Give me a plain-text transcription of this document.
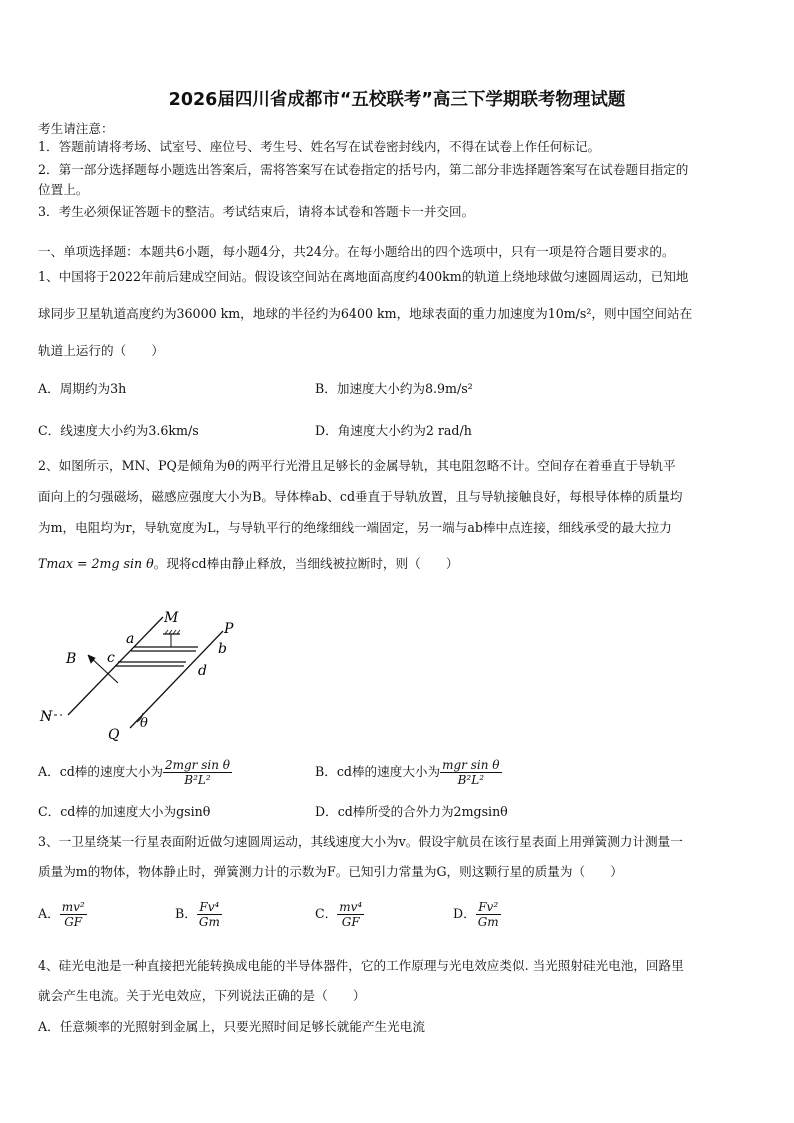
2026届四川省成都市“五校联考”高三下学期联考物理试题
考生请注意：
1．答题前请将考场、试室号、座位号、考生号、姓名写在试卷密封线内，不得在试卷上作任何标记。
2．第一部分选择题每小题选出答案后，需将答案写在试卷指定的括号内，第二部分非选择题答案写在试卷题目指定的
位置上。
3．考生必须保证答题卡的整洁。考试结束后，请将本试卷和答题卡一并交回。
一、单项选择题：本题共6小题，每小题4分，共24分。在每小题给出的四个选项中，只有一项是符合题目要求的。
1、中国将于2022年前后建成空间站。假设该空间站在离地面高度约400km的轨道上绕地球做匀速圆周运动，已知地
球同步卫星轨道高度约为36000 km，地球的半径约为6400 km，地球表面的重力加速度为10m/s²，则中国空间站在
轨道上运行的（　　）
A．周期约为3h	B．加速度大小约为8.9m/s²
C．线速度大小约为3.6km/s	D．角速度大小约为2 rad/h
2、如图所示，MN、PQ是倾角为θ的两平行光滑且足够长的金属导轨，其电阻忽略不计。空间存在着垂直于导轨平
面向上的匀强磁场，磁感应强度大小为B。导体棒ab、cd垂直于导轨放置，且与导轨接触良好，每根导体棒的质量均
为m，电阻均为r，导轨宽度为L，与导轨平行的绝缘细线一端固定，另一端与ab棒中点连接，细线承受的最大拉力
Tmax = 2mg sin θ。现将cd棒由静止释放，当细线被拉断时，则（　　）
M
P
a
b
c
d
B
N
Q
θ
A．cd棒的速度大小为 $\frac{\text{2mgr sin θ}}{\text{B²L²}}$	B．cd棒的速度大小为 $\frac{\text{mgr sin θ}}{\text{B²L²}}$
C．cd棒的加速度大小为gsinθ	D．cd棒所受的合外力为2mgsinθ
3、一卫星绕某一行星表面附近做匀速圆周运动，其线速度大小为v。假设宇航员在该行星表面上用弹簧测力计测量一
质量为m的物体，物体静止时，弹簧测力计的示数为F。已知引力常量为G，则这颗行星的质量为（　　）
A． $\frac{\text{mv²}}{GF}$	B． $\frac{\text{Fv⁴}}{Gm}$	C． $\frac{\text{mv⁴}}{GF}$	D． $\frac{\text{Fv²}}{Gm}$
4、硅光电池是一种直接把光能转换成电能的半导体器件，它的工作原理与光电效应类似. 当光照射硅光电池，回路里
就会产生电流。关于光电效应，下列说法正确的是（　　）
A．任意频率的光照射到金属上，只要光照时间足够长就能产生光电流
